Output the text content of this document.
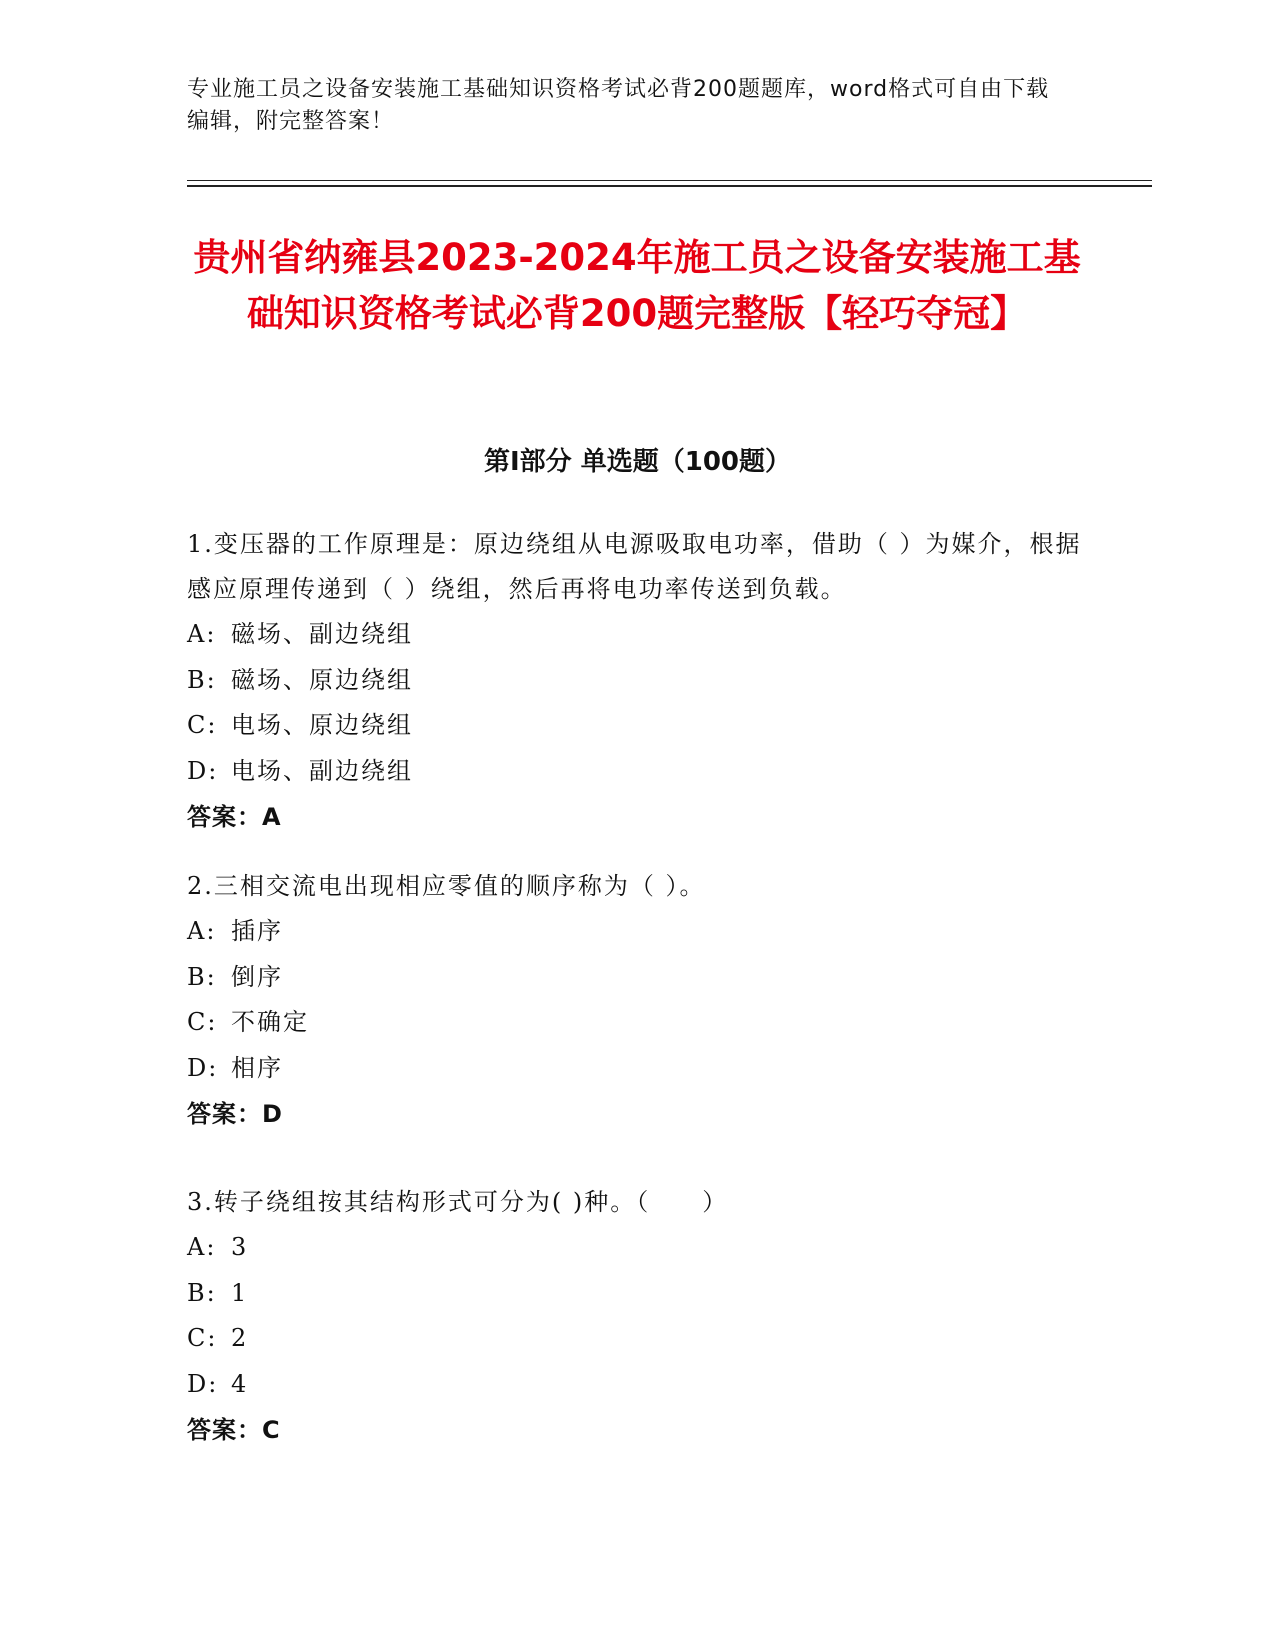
专业施工员之设备安装施工基础知识资格考试必背200题题库，word格式可自由下载编辑，附完整答案！
贵州省纳雍县2023-2024年施工员之设备安装施工基础知识资格考试必背200题完整版【轻巧夺冠】
第Ⅰ部分 单选题（100题）
1.变压器的工作原理是：原边绕组从电源吸取电功率，借助（ ）为媒介，根据感应原理传递到（ ）绕组，然后再将电功率传送到负载。
A: 磁场、副边绕组
B: 磁场、原边绕组
C: 电场、原边绕组
D: 电场、副边绕组
答案：A
2.三相交流电出现相应零值的顺序称为（ ）。
A: 插序
B: 倒序
C: 不确定
D: 相序
答案：D
3.转子绕组按其结构形式可分为( )种。（　　）
A: 3
B: 1
C: 2
D: 4
答案：C
